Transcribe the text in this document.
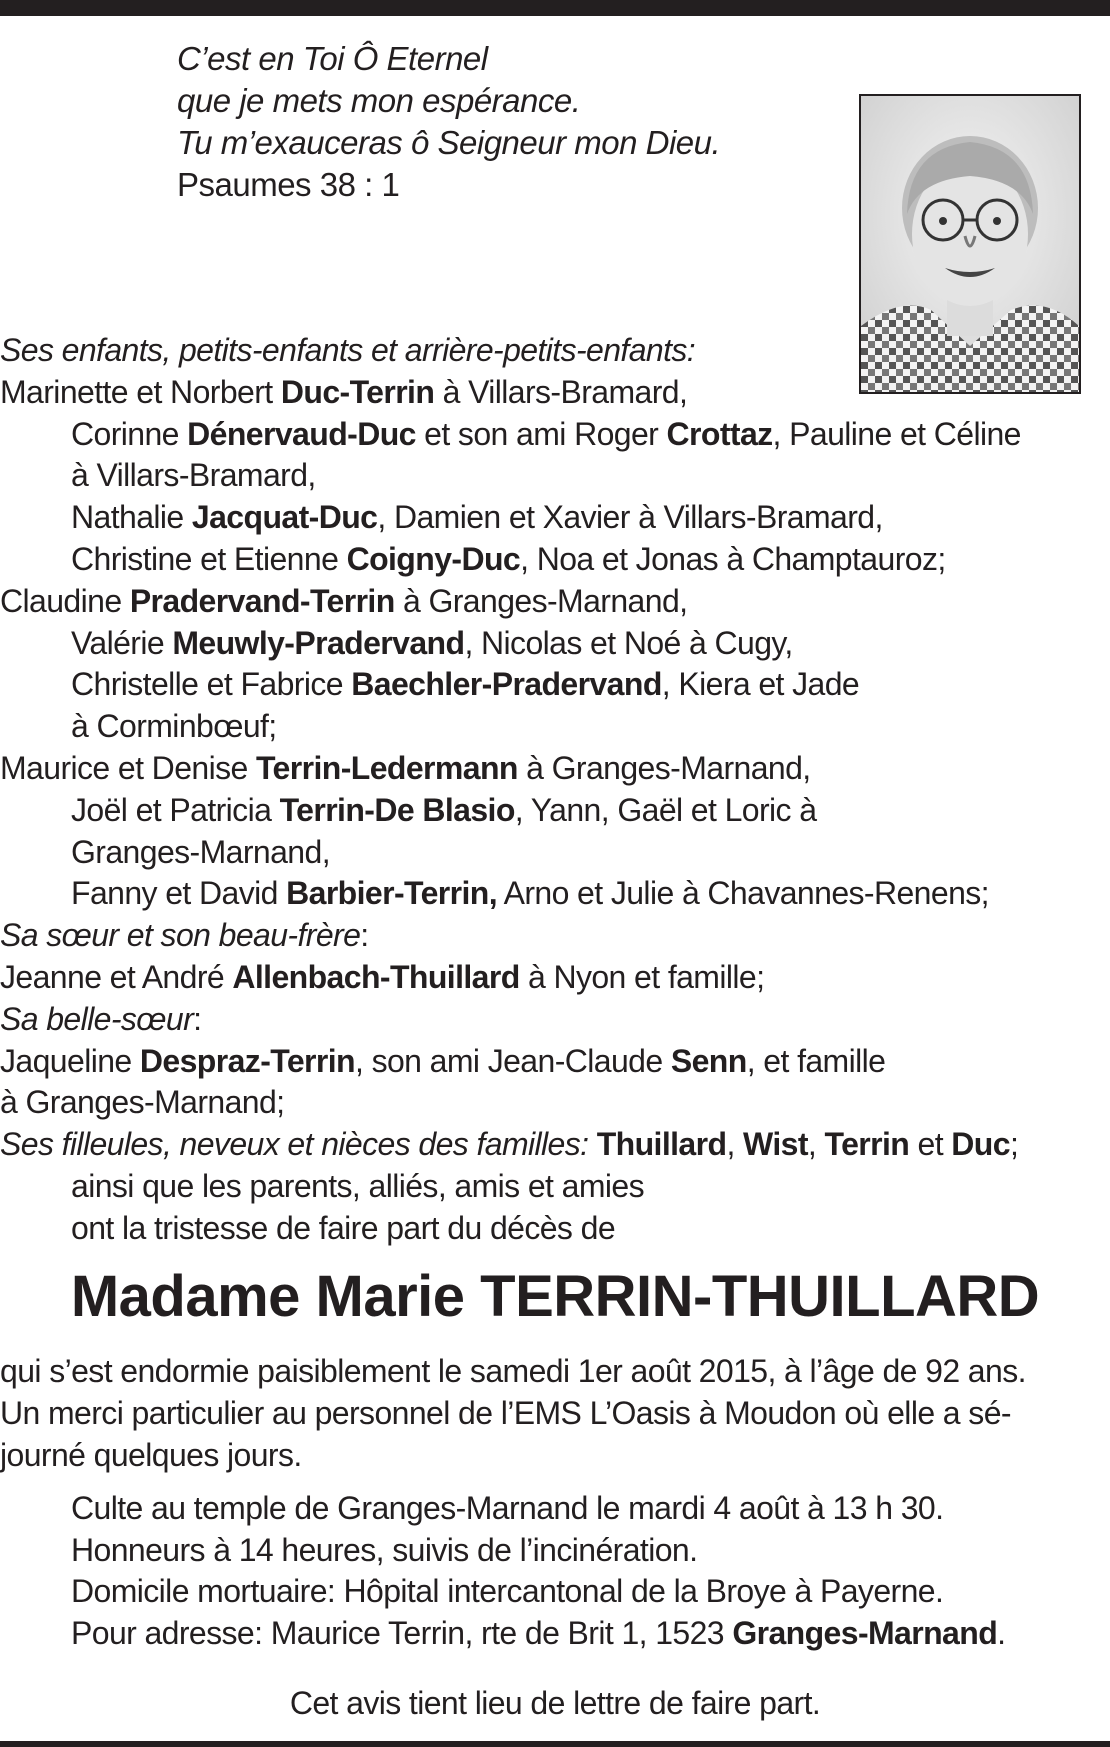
C’est en Toi Ô Eternel
que je mets mon espérance.
Tu m’exauceras ô Seigneur mon Dieu.
Psaumes 38 : 1
Ses enfants, petits-enfants et arrière-petits-enfants:
Marinette et Norbert Duc-Terrin à Villars-Bramard,
Corinne Dénervaud-Duc et son ami Roger Crottaz, Pauline et Céline
à Villars-Bramard,
Nathalie Jacquat-Duc, Damien et Xavier à Villars-Bramard,
Christine et Etienne Coigny-Duc, Noa et Jonas à Champtauroz;
Claudine Pradervand-Terrin à Granges-Marnand,
Valérie Meuwly-Pradervand, Nicolas et Noé à Cugy,
Christelle et Fabrice Baechler-Pradervand, Kiera et Jade
à Corminbœuf;
Maurice et Denise Terrin-Ledermann à Granges-Marnand,
Joël et Patricia Terrin-De Blasio, Yann, Gaël et Loric à
Granges-Marnand,
Fanny et David Barbier-Terrin, Arno et Julie à Chavannes-Renens;
Sa sœur et son beau-frère:
Jeanne et André Allenbach-Thuillard à Nyon et famille;
Sa belle-sœur:
Jaqueline Despraz-Terrin, son ami Jean-Claude Senn, et famille
à Granges-Marnand;
Ses filleules, neveux et nièces des familles: Thuillard, Wist, Terrin et Duc;
ainsi que les parents, alliés, amis et amies
ont la tristesse de faire part du décès de
Madame Marie TERRIN-THUILLARD
qui s’est endormie paisiblement le samedi 1er août 2015, à l’âge de 92 ans.
Un merci particulier au personnel de l’EMS L’Oasis à Moudon où elle a sé-
journé quelques jours.
Culte au temple de Granges-Marnand le mardi 4 août à 13 h 30.
Honneurs à 14 heures, suivis de l’incinération.
Domicile mortuaire: Hôpital intercantonal de la Broye à Payerne.
Pour adresse: Maurice Terrin, rte de Brit 1, 1523 Granges-Marnand.
Cet avis tient lieu de lettre de faire part.
